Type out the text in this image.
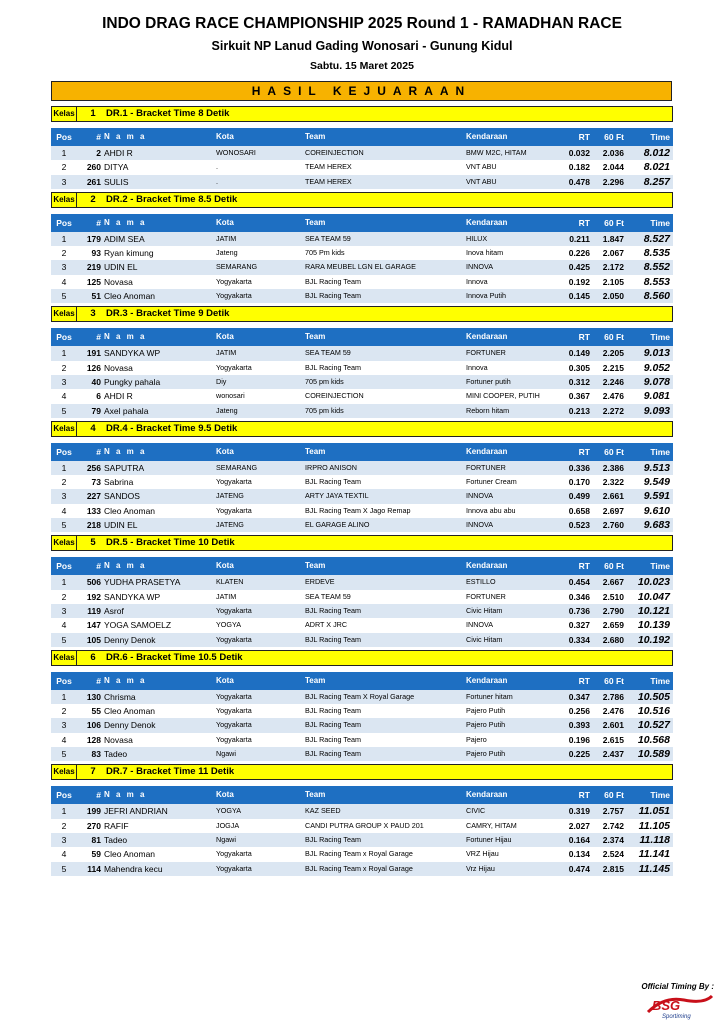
INDO DRAG RACE CHAMPIONSHIP 2025 Round 1 - RAMADHAN RACE
Sirkuit NP Lanud Gading Wonosari - Gunung Kidul
Sabtu. 15 Maret 2025
HASIL KEJUARAAN
Kelas 1 DR.1 - Bracket Time 8 Detik
Pos	# N a m a	Kota	Team	Kendaraan	RT	60 Ft	Time
1	2 AHDI R	WONOSARI	COREINJECTION	BMW M2C, HITAM	0.032	2.036	8.012
2	260 DITYA	.	TEAM HEREX	VNT ABU	0.182	2.044	8.021
3	261 SULIS	.	TEAM HEREX	VNT ABU	0.478	2.296	8.257
Kelas 2 DR.2 - Bracket Time 8.5 Detik
Pos	# N a m a	Kota	Team	Kendaraan	RT	60 Ft	Time
1	179 ADIM SEA	JATIM	SEA TEAM 59	HILUX	0.211	1.847	8.527
2	93 Ryan kimung	Jateng	705 Pm kids	Inova hitam	0.226	2.067	8.535
3	219 UDIN EL	SEMARANG	RARA MEUBEL LGN EL GARAGE	INNOVA	0.425	2.172	8.552
4	125 Novasa	Yogyakarta	BJL Racing Team	Innova	0.192	2.105	8.553
5	51 Cleo Anoman	Yogyakarta	BJL Racing Team	Innova Putih	0.145	2.050	8.560
Kelas 3 DR.3 - Bracket Time 9 Detik
Pos	# N a m a	Kota	Team	Kendaraan	RT	60 Ft	Time
1	191 SANDYKA WP	JATIM	SEA TEAM 59	FORTUNER	0.149	2.205	9.013
2	126 Novasa	Yogyakarta	BJL Racing Team	Innova	0.305	2.215	9.052
3	40 Pungky pahala	Diy	705 pm kids	Fortuner putih	0.312	2.246	9.078
4	6 AHDI R	wonosari	COREINJECTION	MINI COOPER, PUTIH	0.367	2.476	9.081
5	79 Axel pahala	Jateng	705 pm kids	Reborn hitam	0.213	2.272	9.093
Kelas 4 DR.4 - Bracket Time 9.5 Detik
Pos	# N a m a	Kota	Team	Kendaraan	RT	60 Ft	Time
1	256 SAPUTRA	SEMARANG	IRPRO ANISON	FORTUNER	0.336	2.386	9.513
2	73 Sabrina	Yogyakarta	BJL Racing Team	Fortuner Cream	0.170	2.322	9.549
3	227 SANDOS	JATENG	ARTY JAYA TEXTIL	INNOVA	0.499	2.661	9.591
4	133 Cleo Anoman	Yogyakarta	BJL Racing Team X Jago Remap	Innova abu abu	0.658	2.697	9.610
5	218 UDIN EL	JATENG	EL GARAGE ALINO	INNOVA	0.523	2.760	9.683
Kelas 5 DR.5 - Bracket Time 10 Detik
Pos	# N a m a	Kota	Team	Kendaraan	RT	60 Ft	Time
1	506 YUDHA PRASETYA	KLATEN	ERDEVE	ESTILLO	0.454	2.667	10.023
2	192 SANDYKA WP	JATIM	SEA TEAM 59	FORTUNER	0.346	2.510	10.047
3	119 Asrof	Yogyakarta	BJL Racing Team	Civic Hitam	0.736	2.790	10.121
4	147 YOGA SAMOELZ	YOGYA	ADRT X JRC	INNOVA	0.327	2.659	10.139
5	105 Denny Denok	Yogyakarta	BJL Racing Team	Civic Hitam	0.334	2.680	10.192
Kelas 6 DR.6 - Bracket Time 10.5 Detik
Pos	# N a m a	Kota	Team	Kendaraan	RT	60 Ft	Time
1	130 Chrisma	Yogyakarta	BJL Racing Team X Royal Garage	Fortuner hitam	0.347	2.786	10.505
2	55 Cleo Anoman	Yogyakarta	BJL Racing Team	Pajero Putih	0.256	2.476	10.516
3	106 Denny Denok	Yogyakarta	BJL Racing Team	Pajero Putih	0.393	2.601	10.527
4	128 Novasa	Yogyakarta	BJL Racing Team	Pajero	0.196	2.615	10.568
5	83 Tadeo	Ngawi	BJL Racing Team	Pajero Putih	0.225	2.437	10.589
Kelas 7 DR.7 - Bracket Time 11 Detik
Pos	# N a m a	Kota	Team	Kendaraan	RT	60 Ft	Time
1	199 JEFRI ANDRIAN	YOGYA	KAZ SEED	CIVIC	0.319	2.757	11.051
2	270 RAFIF	JOGJA	CANDI PUTRA GROUP X PAUD 201	CAMRY, HITAM	2.027	2.742	11.105
3	81 Tadeo	Ngawi	BJL Racing Team	Fortuner Hijau	0.164	2.374	11.118
4	59 Cleo Anoman	Yogyakarta	BJL Racing Team x Royal Garage	VRZ Hijau	0.134	2.524	11.141
5	114 Mahendra kecu	Yogyakarta	BJL Racing Team x Royal Garage	Vrz Hijau	0.474	2.815	11.145
Official Timing By :
BSG
Sportiming
